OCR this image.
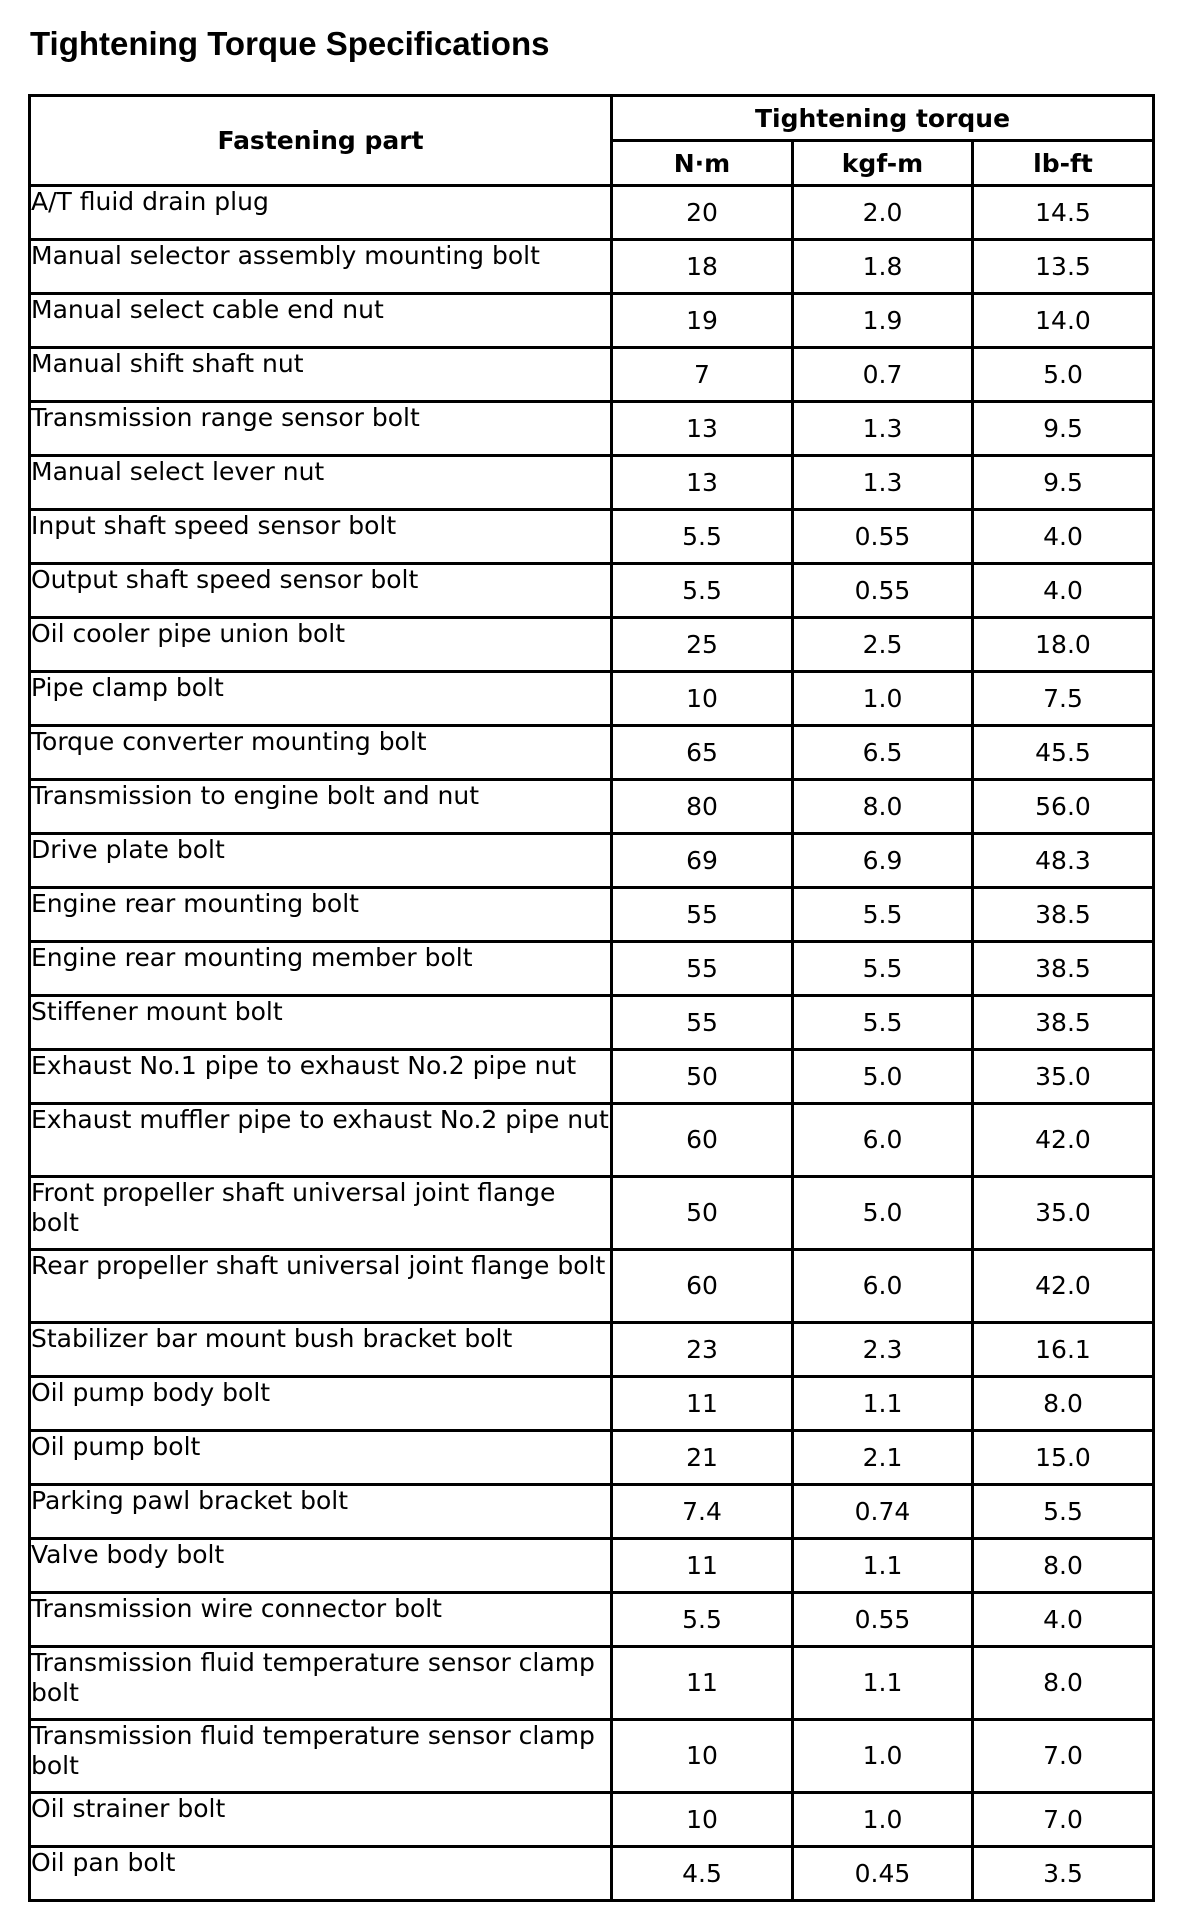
Tightening Torque Specifications
Fastening part	Tightening torque		
	N·m	kgf-m	lb-ft
A/T fluid drain plug	20	2.0	14.5
Manual selector assembly mounting bolt	18	1.8	13.5
Manual select cable end nut	19	1.9	14.0
Manual shift shaft nut	7	0.7	5.0
Transmission range sensor bolt	13	1.3	9.5
Manual select lever nut	13	1.3	9.5
Input shaft speed sensor bolt	5.5	0.55	4.0
Output shaft speed sensor bolt	5.5	0.55	4.0
Oil cooler pipe union bolt	25	2.5	18.0
Pipe clamp bolt	10	1.0	7.5
Torque converter mounting bolt	65	6.5	45.5
Transmission to engine bolt and nut	80	8.0	56.0
Drive plate bolt	69	6.9	48.3
Engine rear mounting bolt	55	5.5	38.5
Engine rear mounting member bolt	55	5.5	38.5
Stiffener mount bolt	55	5.5	38.5
Exhaust No.1 pipe to exhaust No.2 pipe nut	50	5.0	35.0
Exhaust muffler pipe to exhaust No.2 pipe nut	60	6.0	42.0
Front propeller shaft universal joint flange bolt	50	5.0	35.0
Rear propeller shaft universal joint flange bolt	60	6.0	42.0
Stabilizer bar mount bush bracket bolt	23	2.3	16.1
Oil pump body bolt	11	1.1	8.0
Oil pump bolt	21	2.1	15.0
Parking pawl bracket bolt	7.4	0.74	5.5
Valve body bolt	11	1.1	8.0
Transmission wire connector bolt	5.5	0.55	4.0
Transmission fluid temperature sensor clamp bolt	11	1.1	8.0
Transmission fluid temperature sensor clamp bolt	10	1.0	7.0
Oil strainer bolt	10	1.0	7.0
Oil pan bolt	4.5	0.45	3.5
